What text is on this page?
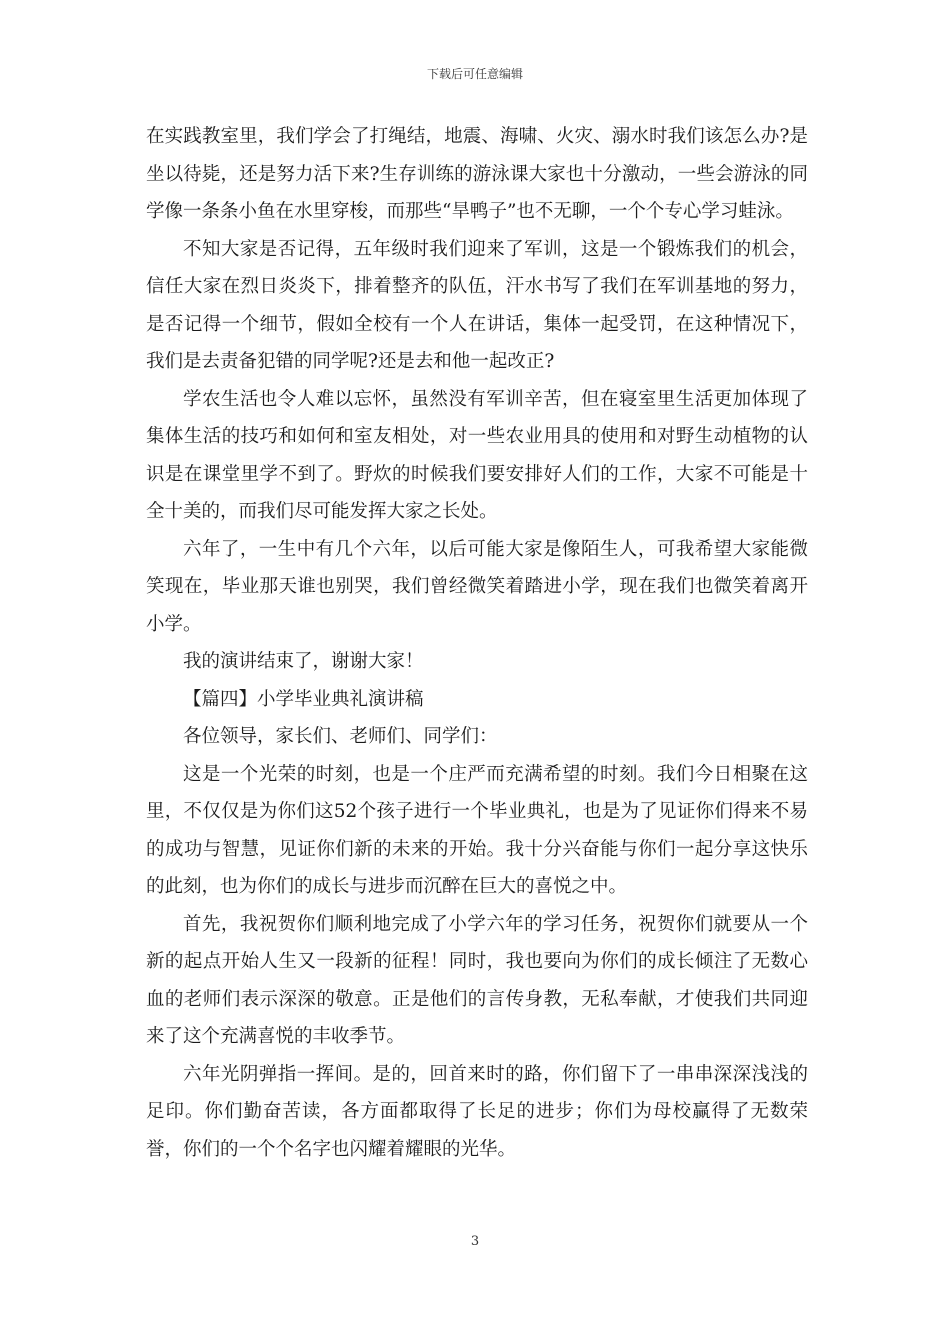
下载后可任意编辑

在实践教室里，我们学会了打绳结，地震、海啸、火灾、溺水时我们该怎么办?是坐以待毙，还是努力活下来?生存训练的游泳课大家也十分激动，一些会游泳的同学像一条条小鱼在水里穿梭，而那些“旱鸭子”也不无聊，一个个专心学习蛙泳。

不知大家是否记得，五年级时我们迎来了军训，这是一个锻炼我们的机会，信任大家在烈日炎炎下，排着整齐的队伍，汗水书写了我们在军训基地的努力，是否记得一个细节，假如全校有一个人在讲话，集体一起受罚，在这种情况下，我们是去责备犯错的同学呢?还是去和他一起改正?

学农生活也令人难以忘怀，虽然没有军训辛苦，但在寝室里生活更加体现了集体生活的技巧和如何和室友相处，对一些农业用具的使用和对野生动植物的认识是在课堂里学不到了。野炊的时候我们要安排好人们的工作，大家不可能是十全十美的，而我们尽可能发挥大家之长处。

六年了，一生中有几个六年，以后可能大家是像陌生人，可我希望大家能微笑现在，毕业那天谁也别哭，我们曾经微笑着踏进小学，现在我们也微笑着离开小学。

我的演讲结束了，谢谢大家！

【篇四】小学毕业典礼演讲稿

各位领导，家长们、老师们、同学们：

这是一个光荣的时刻，也是一个庄严而充满希望的时刻。我们今日相聚在这里，不仅仅是为你们这52个孩子进行一个毕业典礼，也是为了见证你们得来不易的成功与智慧，见证你们新的未来的开始。我十分兴奋能与你们一起分享这快乐的此刻，也为你们的成长与进步而沉醉在巨大的喜悦之中。

首先，我祝贺你们顺利地完成了小学六年的学习任务，祝贺你们就要从一个新的起点开始人生又一段新的征程！同时，我也要向为你们的成长倾注了无数心血的老师们表示深深的敬意。正是他们的言传身教，无私奉献，才使我们共同迎来了这个充满喜悦的丰收季节。

六年光阴弹指一挥间。是的，回首来时的路，你们留下了一串串深深浅浅的足印。你们勤奋苦读，各方面都取得了长足的进步；你们为母校赢得了无数荣誉，你们的一个个名字也闪耀着耀眼的光华。

3
